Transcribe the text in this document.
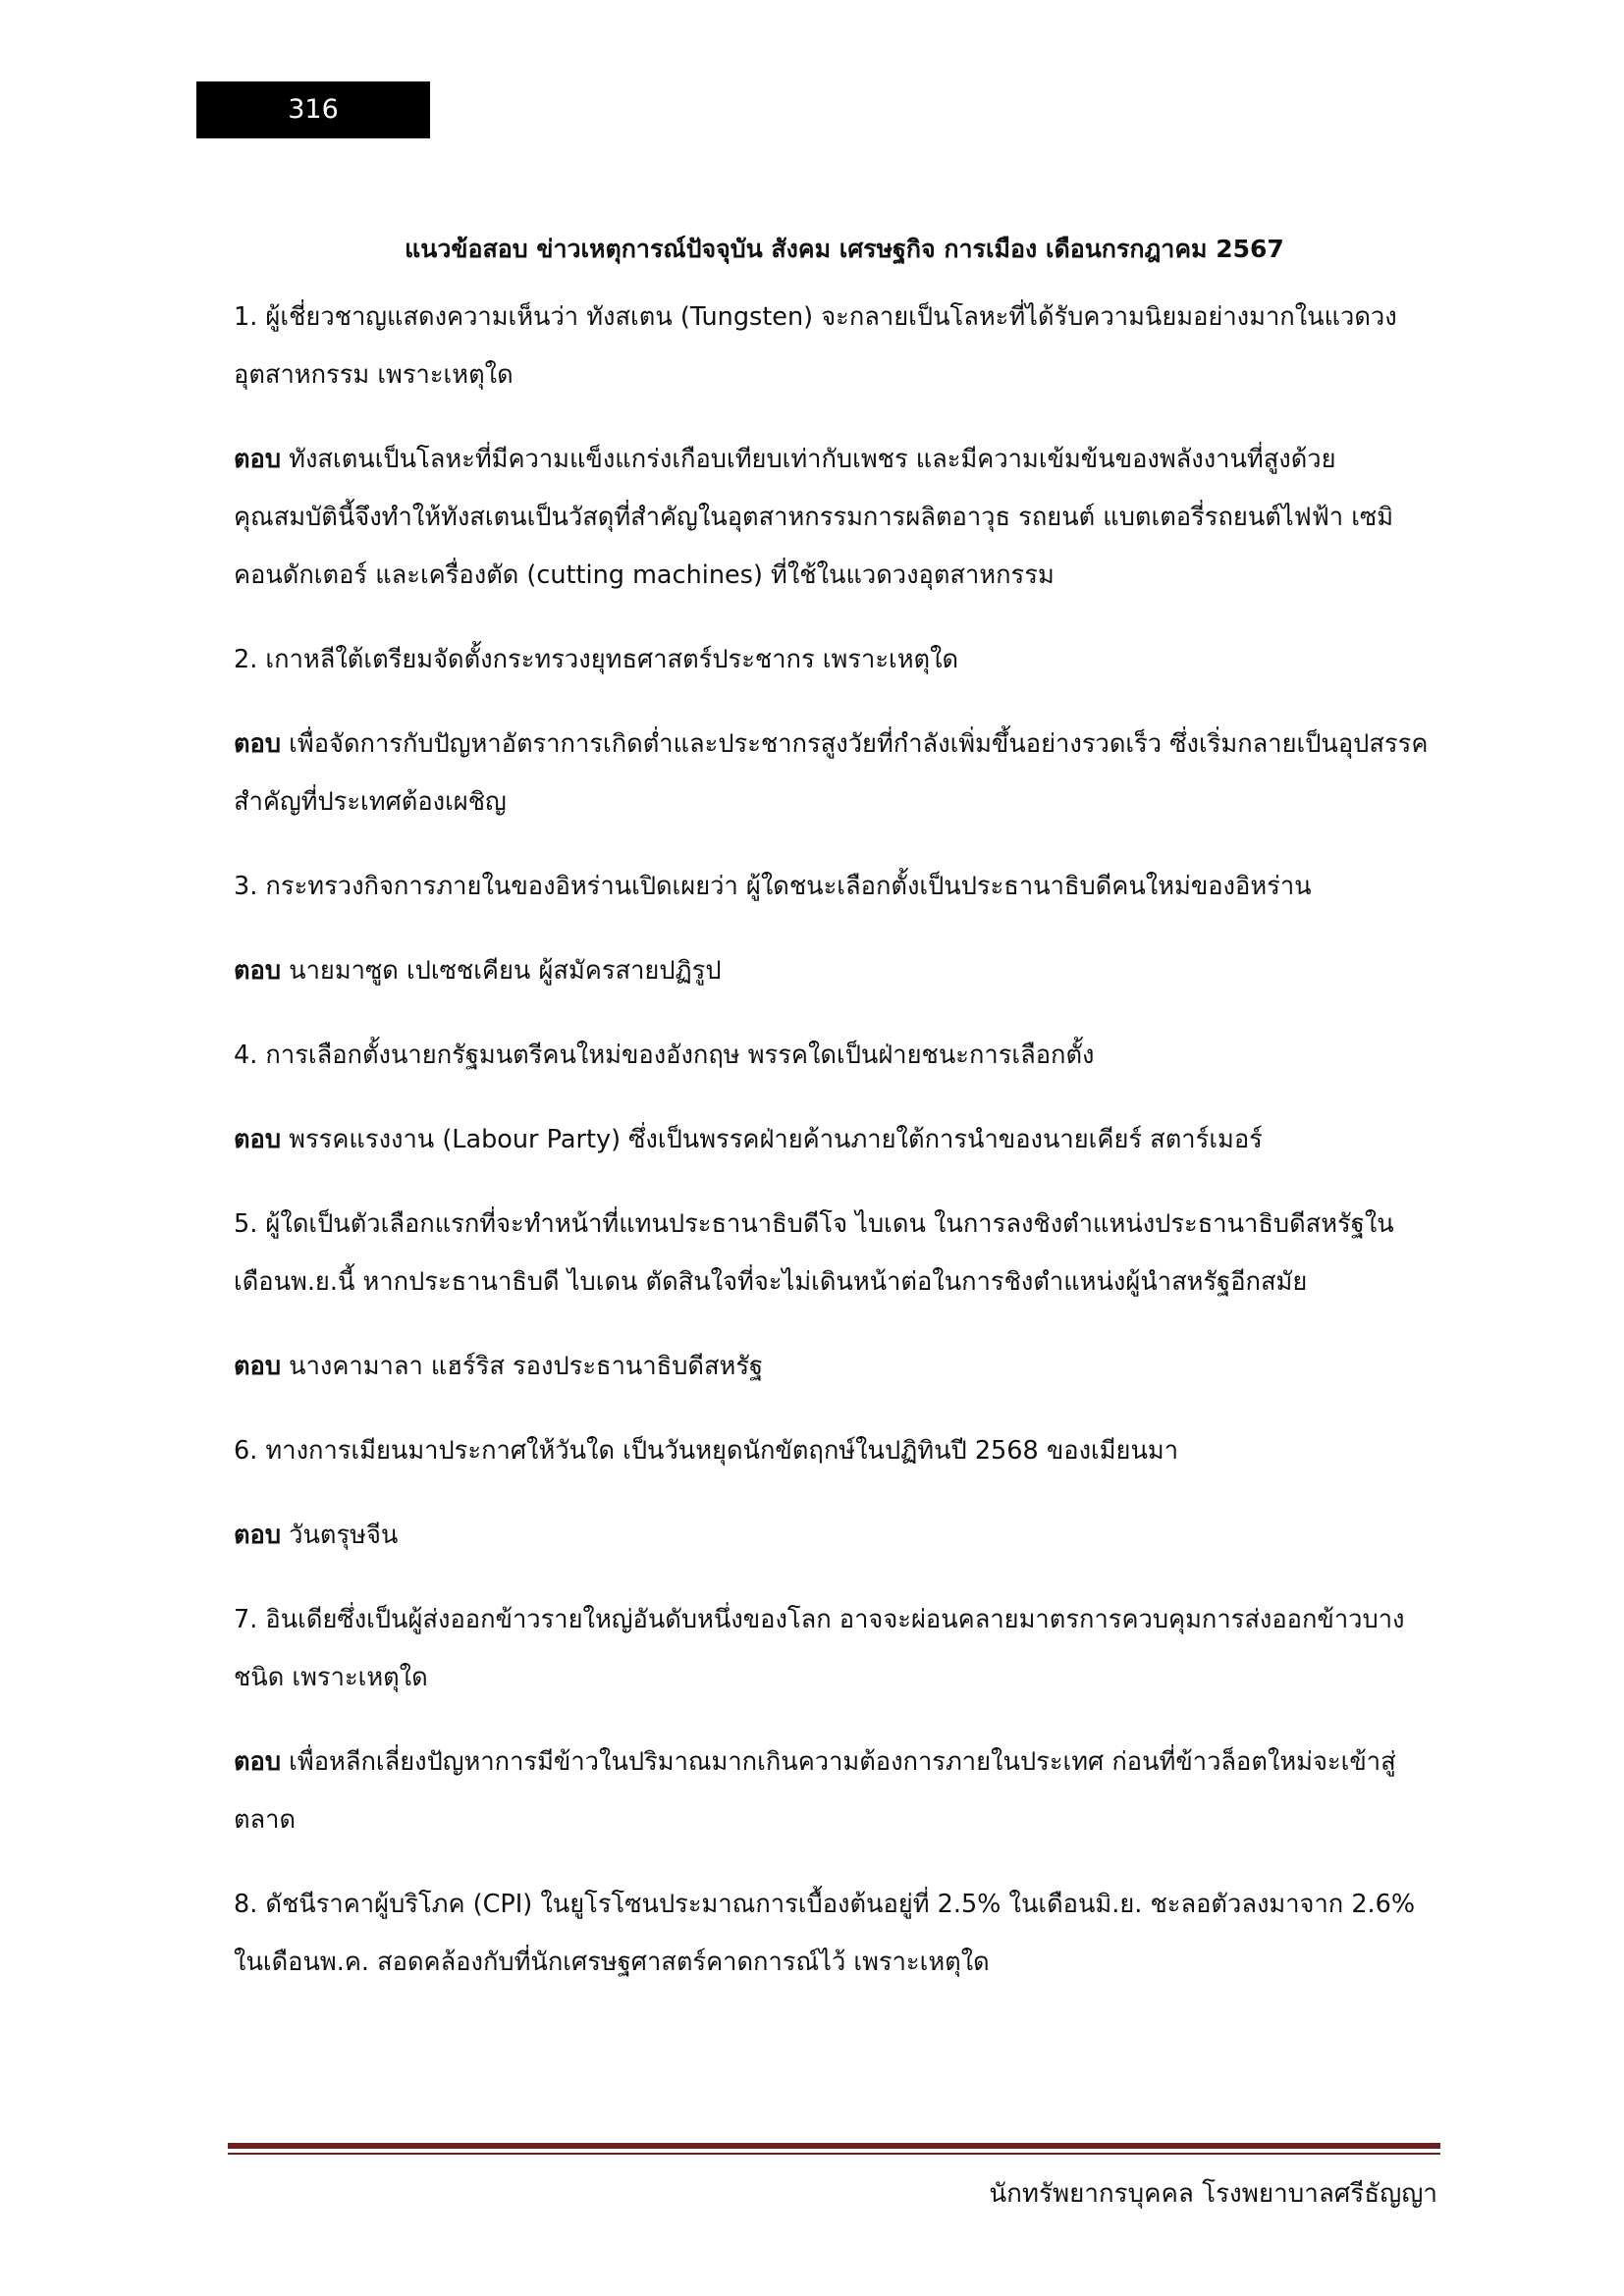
316
แนวข้อสอบ ข่าวเหตุการณ์ปัจจุบัน สังคม เศรษฐกิจ การเมือง เดือนกรกฎาคม 2567

1. ผู้เชี่ยวชาญแสดงความเห็นว่า ทังสเตน (Tungsten) จะกลายเป็นโลหะที่ได้รับความนิยมอย่างมากในแวดวงอุตสาหกรรม เพราะเหตุใด

ตอบ ทังสเตนเป็นโลหะที่มีความแข็งแกร่งเกือบเทียบเท่ากับเพชร และมีความเข้มข้นของพลังงานที่สูงด้วย คุณสมบัตินี้จึงทำให้ทังสเตนเป็นวัสดุที่สำคัญในอุตสาหกรรมการผลิตอาวุธ รถยนต์ แบตเตอรี่รถยนต์ไฟฟ้า เซมิคอนดักเตอร์ และเครื่องตัด (cutting machines) ที่ใช้ในแวดวงอุตสาหกรรม

2. เกาหลีใต้เตรียมจัดตั้งกระทรวงยุทธศาสตร์ประชากร เพราะเหตุใด

ตอบ เพื่อจัดการกับปัญหาอัตราการเกิดต่ำและประชากรสูงวัยที่กำลังเพิ่มขึ้นอย่างรวดเร็ว ซึ่งเริ่มกลายเป็นอุปสรรคสำคัญที่ประเทศต้องเผชิญ

3. กระทรวงกิจการภายในของอิหร่านเปิดเผยว่า ผู้ใดชนะเลือกตั้งเป็นประธานาธิบดีคนใหม่ของอิหร่าน

ตอบ นายมาซูด เปเซชเคียน ผู้สมัครสายปฏิรูป

4. การเลือกตั้งนายกรัฐมนตรีคนใหม่ของอังกฤษ พรรคใดเป็นฝ่ายชนะการเลือกตั้ง

ตอบ พรรคแรงงาน (Labour Party) ซึ่งเป็นพรรคฝ่ายค้านภายใต้การนำของนายเคียร์ สตาร์เมอร์

5. ผู้ใดเป็นตัวเลือกแรกที่จะทำหน้าที่แทนประธานาธิบดีโจ ไบเดน ในการลงชิงตำแหน่งประธานาธิบดีสหรัฐในเดือนพ.ย.นี้ หากประธานาธิบดี ไบเดน ตัดสินใจที่จะไม่เดินหน้าต่อในการชิงตำแหน่งผู้นำสหรัฐอีกสมัย

ตอบ นางคามาลา แฮร์ริส รองประธานาธิบดีสหรัฐ

6. ทางการเมียนมาประกาศให้วันใด เป็นวันหยุดนักขัตฤกษ์ในปฏิทินปี 2568 ของเมียนมา

ตอบ วันตรุษจีน

7. อินเดียซึ่งเป็นผู้ส่งออกข้าวรายใหญ่อันดับหนึ่งของโลก อาจจะผ่อนคลายมาตรการควบคุมการส่งออกข้าวบางชนิด เพราะเหตุใด

ตอบ เพื่อหลีกเลี่ยงปัญหาการมีข้าวในปริมาณมากเกินความต้องการภายในประเทศ ก่อนที่ข้าวล็อตใหม่จะเข้าสู่ตลาด

8. ดัชนีราคาผู้บริโภค (CPI) ในยูโรโซนประมาณการเบื้องต้นอยู่ที่ 2.5% ในเดือนมิ.ย. ชะลอตัวลงมาจาก 2.6% ในเดือนพ.ค. สอดคล้องกับที่นักเศรษฐศาสตร์คาดการณ์ไว้ เพราะเหตุใด

นักทรัพยากรบุคคล โรงพยาบาลศรีธัญญา
